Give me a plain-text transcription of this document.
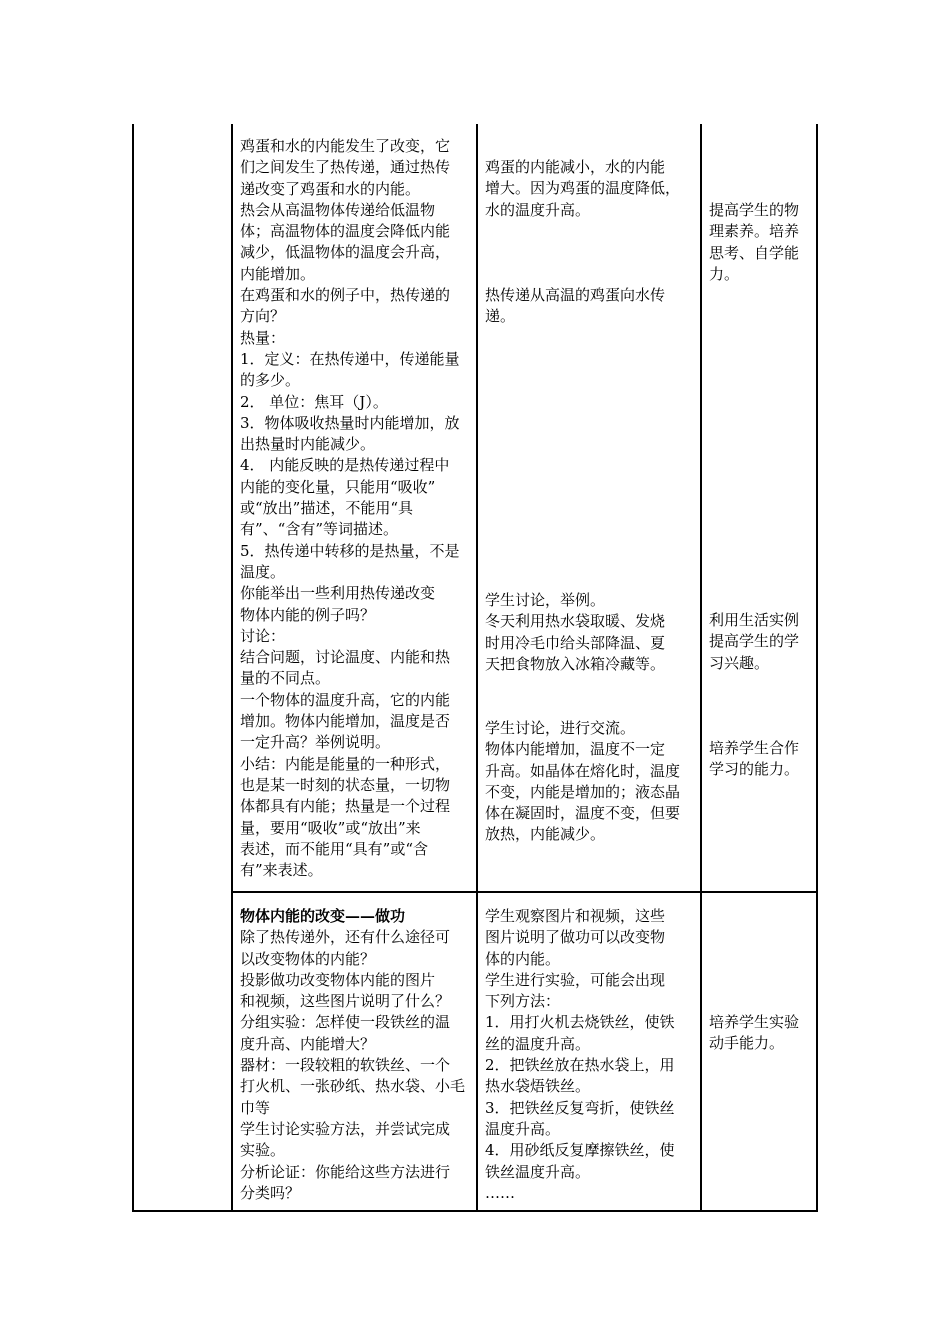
鸡蛋和水的内能发生了改变，它

们之间发生了热传递，通过热传

递改变了鸡蛋和水的内能。

热会从高温物体传递给低温物

体；高温物体的温度会降低内能

减少，低温物体的温度会升高，

内能增加。

在鸡蛋和水的例子中，热传递的

方向？

热量：

1．定义：在热传递中，传递能量

的多少。

2． 单位：焦耳（J）。

3．物体吸收热量时内能增加，放

出热量时内能减少。

4． 内能反映的是热传递过程中

内能的变化量，只能用“吸收”

或“放出”描述，不能用“具

有”、“含有”等词描述。

5．热传递中转移的是热量，不是

温度。

你能举出一些利用热传递改变

物体内能的例子吗？

讨论：

结合问题，讨论温度、内能和热

量的不同点。

一个物体的温度升高，它的内能

增加。物体内能增加，温度是否

一定升高？举例说明。

小结：内能是能量的一种形式，

也是某一时刻的状态量，一切物

体都具有内能；热量是一个过程

量，要用“吸收”或“放出”来

表述，而不能用“具有”或“含

有”来表述。

鸡蛋的内能减小，水的内能

增大。因为鸡蛋的温度降低，

水的温度升高。

热传递从高温的鸡蛋向水传

递。

学生讨论，举例。

冬天利用热水袋取暖、发烧

时用冷毛巾给头部降温、夏

天把食物放入冰箱冷藏等。

学生讨论，进行交流。

物体内能增加，温度不一定

升高。如晶体在熔化时，温度

不变，内能是增加的；液态晶

体在凝固时，温度不变，但要

放热，内能减少。

提高学生的物

理素养。培养

思考、自学能

力。

利用生活实例

提高学生的学

习兴趣。

培养学生合作

学习的能力。

物体内能的改变——做功

除了热传递外，还有什么途径可

以改变物体的内能？

投影做功改变物体内能的图片

和视频，这些图片说明了什么？

分组实验：怎样使一段铁丝的温

度升高、内能增大？

器材：一段较粗的软铁丝、一个

打火机、一张砂纸、热水袋、小毛

巾等

学生讨论实验方法，并尝试完成

实验。

分析论证：你能给这些方法进行

分类吗？

学生观察图片和视频，这些

图片说明了做功可以改变物

体的内能。

学生进行实验，可能会出现

下列方法：

1．用打火机去烧铁丝，使铁

丝的温度升高。

2．把铁丝放在热水袋上，用

热水袋焐铁丝。

3．把铁丝反复弯折，使铁丝

温度升高。

4．用砂纸反复摩擦铁丝，使

铁丝温度升高。

……

培养学生实验

动手能力。
